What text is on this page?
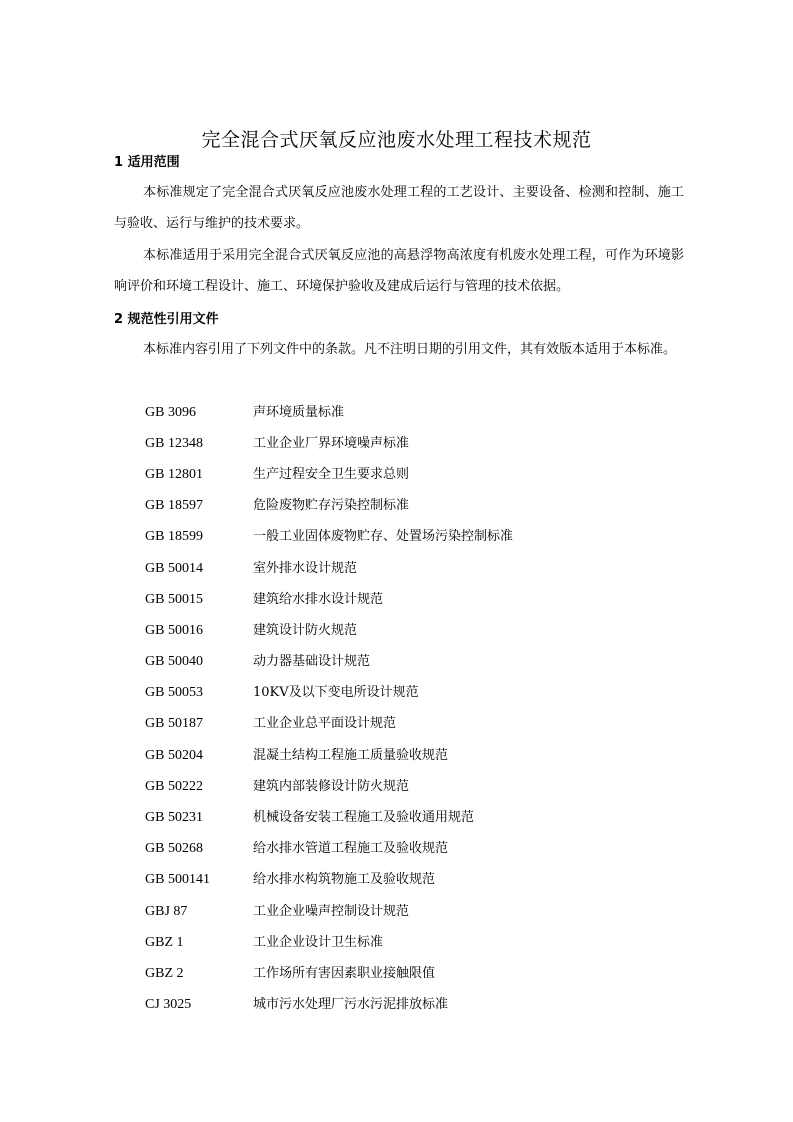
完全混合式厌氧反应池废水处理工程技术规范
1 适用范围

本标准规定了完全混合式厌氧反应池废水处理工程的工艺设计、主要设备、检测和控制、施工与验收、运行与维护的技术要求。

本标准适用于采用完全混合式厌氧反应池的高悬浮物高浓度有机废水处理工程，可作为环境影响评价和环境工程设计、施工、环境保护验收及建成后运行与管理的技术依据。

2 规范性引用文件

本标准内容引用了下列文件中的条款。凡不注明日期的引用文件，其有效版本适用于本标准。

GB 3096	声环境质量标准
GB 12348	工业企业厂界环境噪声标准
GB 12801	生产过程安全卫生要求总则
GB 18597	危险废物贮存污染控制标准
GB 18599	一般工业固体废物贮存、处置场污染控制标准
GB 50014	室外排水设计规范
GB 50015	建筑给水排水设计规范
GB 50016	建筑设计防火规范
GB 50040	动力器基础设计规范
GB 50053	10KV及以下变电所设计规范
GB 50187	工业企业总平面设计规范
GB 50204	混凝土结构工程施工质量验收规范
GB 50222	建筑内部装修设计防火规范
GB 50231	机械设备安装工程施工及验收通用规范
GB 50268	给水排水管道工程施工及验收规范
GB 500141	给水排水构筑物施工及验收规范
GBJ 87	工业企业噪声控制设计规范
GBZ 1	工业企业设计卫生标准
GBZ 2	工作场所有害因素职业接触限值
CJ 3025	城市污水处理厂污水污泥排放标准
